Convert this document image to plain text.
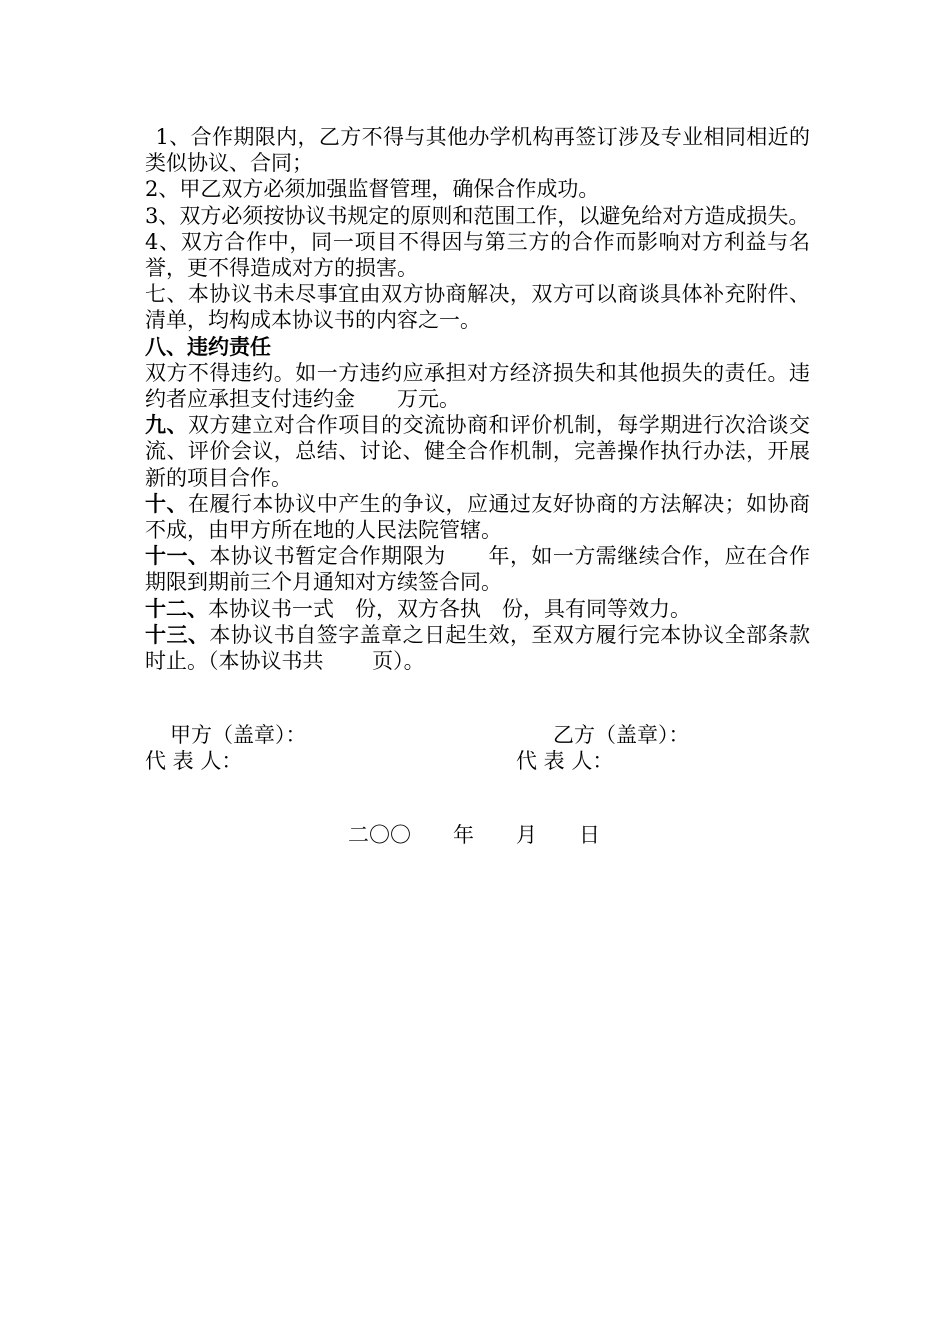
1、合作期限内，乙方不得与其他办学机构再签订涉及专业相同相近的类似协议、合同；

2、甲乙双方必须加强监督管理，确保合作成功。

3、双方必须按协议书规定的原则和范围工作，以避免给对方造成损失。

4、双方合作中，同一项目不得因与第三方的合作而影响对方利益与名誉，更不得造成对方的损害。

七、本协议书未尽事宜由双方协商解决，双方可以商谈具体补充附件、清单，均构成本协议书的内容之一。

八、违约责任

双方不得违约。如一方违约应承担对方经济损失和其他损失的责任。违约者应承担支付违约金　　万元。

九、双方建立对合作项目的交流协商和评价机制，每学期进行次洽谈交流、评价会议，总结、讨论、健全合作机制，完善操作执行办法，开展新的项目合作。

十、在履行本协议中产生的争议，应通过友好协商的方法解决；如协商不成，由甲方所在地的人民法院管辖。

十一、本协议书暂定合作期限为　　年，如一方需继续合作，应在合作期限到期前三个月通知对方续签合同。

十二、本协议书一式　份，双方各执　份，具有同等效力。

十三、本协议书自签字盖章之日起生效，至双方履行完本协议全部条款时止。（本协议书共　　 页）。

甲方（盖章）：
代 表 人：
乙方（盖章）：
代 表 人：
二〇〇　　年　　月　　日
